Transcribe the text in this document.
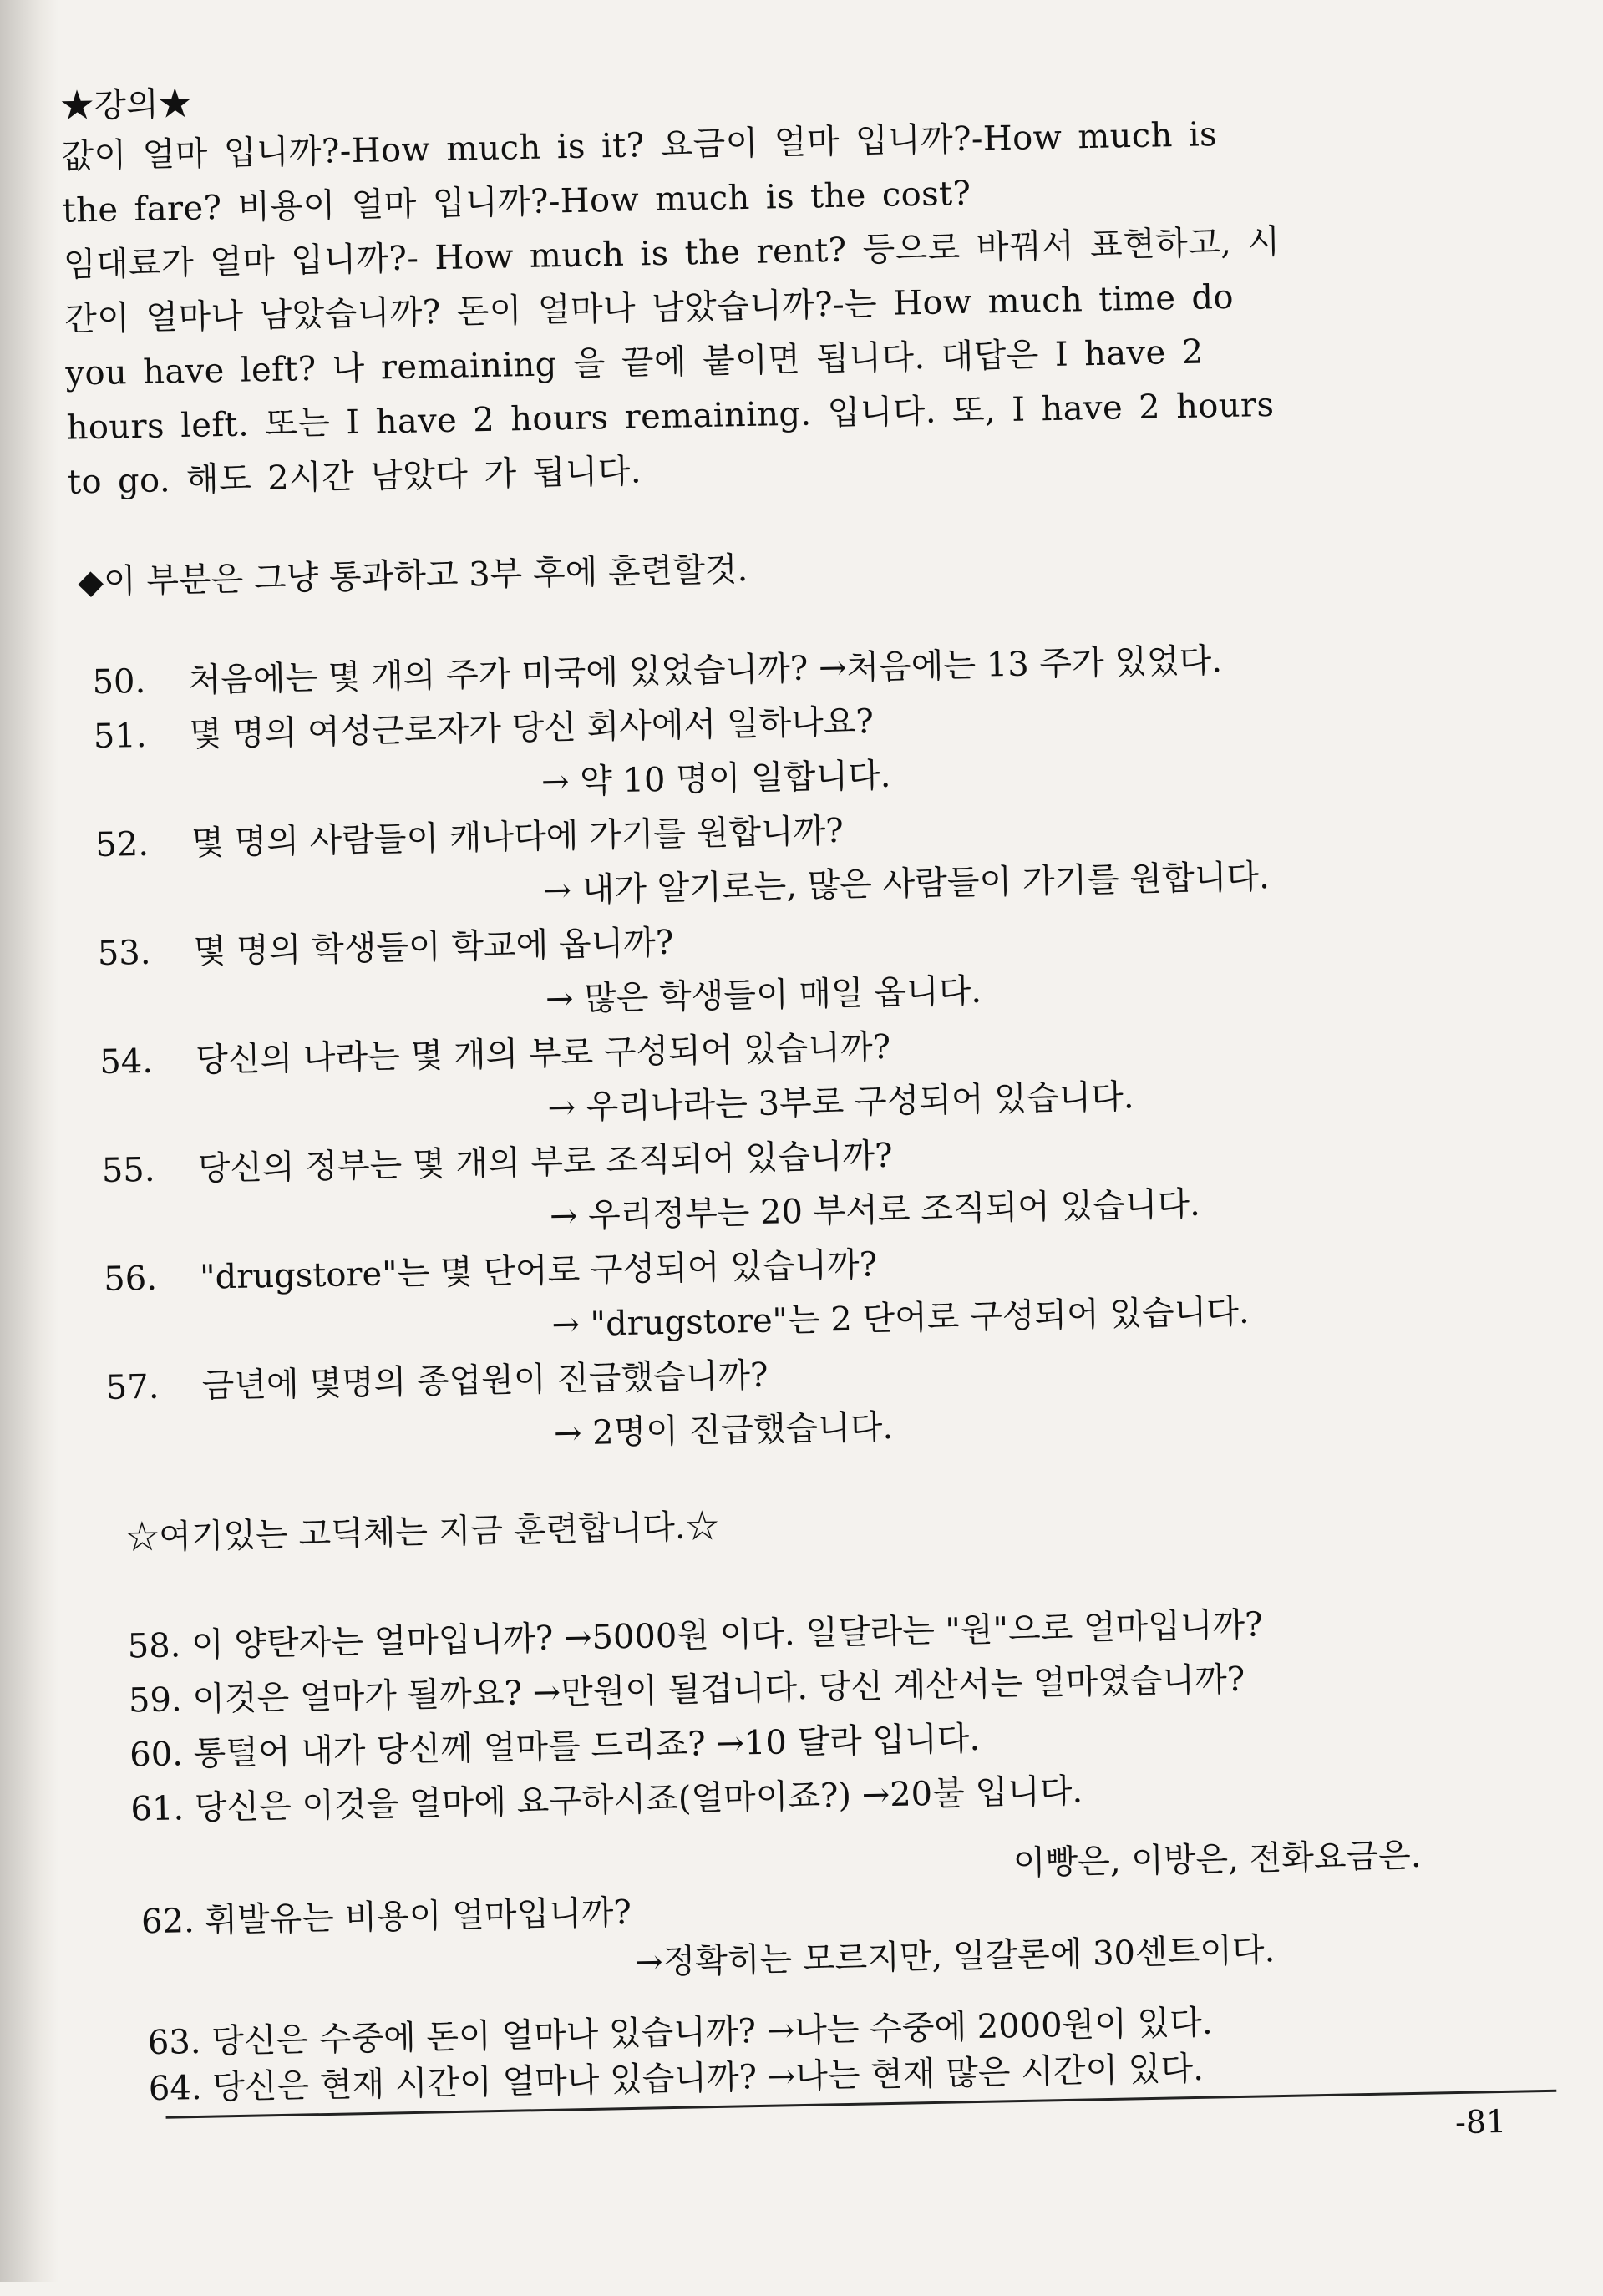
★강의★
값이 얼마 입니까?-How much is it? 요금이 얼마 입니까?-How much is
the fare? 비용이 얼마 입니까?-How much is the cost?
임대료가 얼마 입니까?- How much is the rent? 등으로 바꿔서 표현하고, 시
간이 얼마나 남았습니까? 돈이 얼마나 남았습니까?-는 How much time do
you have left? 나 remaining 을 끝에 붙이면 됩니다. 대답은 I have 2
hours left. 또는 I have 2 hours remaining. 입니다. 또, I have 2 hours
to go. 해도 2시간 남았다 가 됩니다.
◆이 부분은 그냥 통과하고 3부 후에 훈련할것.
50. 처음에는 몇 개의 주가 미국에 있었습니까? →처음에는 13 주가 있었다.
51. 몇 명의 여성근로자가 당신 회사에서 일하나요?
→ 약 10 명이 일합니다.
52. 몇 명의 사람들이 캐나다에 가기를 원합니까?
→ 내가 알기로는, 많은 사람들이 가기를 원합니다.
53. 몇 명의 학생들이 학교에 옵니까?
→ 많은 학생들이 매일 옵니다.
54. 당신의 나라는 몇 개의 부로 구성되어 있습니까?
→ 우리나라는 3부로 구성되어 있습니다.
55. 당신의 정부는 몇 개의 부로 조직되어 있습니까?
→ 우리정부는 20 부서로 조직되어 있습니다.
56. "drugstore"는 몇 단어로 구성되어 있습니까?
→ "drugstore"는 2 단어로 구성되어 있습니다.
57. 금년에 몇명의 종업원이 진급했습니까?
→ 2명이 진급했습니다.
☆여기있는 고딕체는 지금 훈련합니다.☆
58. 이 양탄자는 얼마입니까? →5000원 이다. 일달라는 "원"으로 얼마입니까?
59. 이것은 얼마가 될까요? →만원이 될겁니다. 당신 계산서는 얼마였습니까?
60. 통털어 내가 당신께 얼마를 드리죠? →10 달라 입니다.
61. 당신은 이것을 얼마에 요구하시죠(얼마이죠?) →20불 입니다.
이빵은, 이방은, 전화요금은.
62. 휘발유는 비용이 얼마입니까?
→정확히는 모르지만, 일갈론에 30센트이다.
63. 당신은 수중에 돈이 얼마나 있습니까? →나는 수중에 2000원이 있다.
64. 당신은 현재 시간이 얼마나 있습니까? →나는 현재 많은 시간이 있다.
-81
